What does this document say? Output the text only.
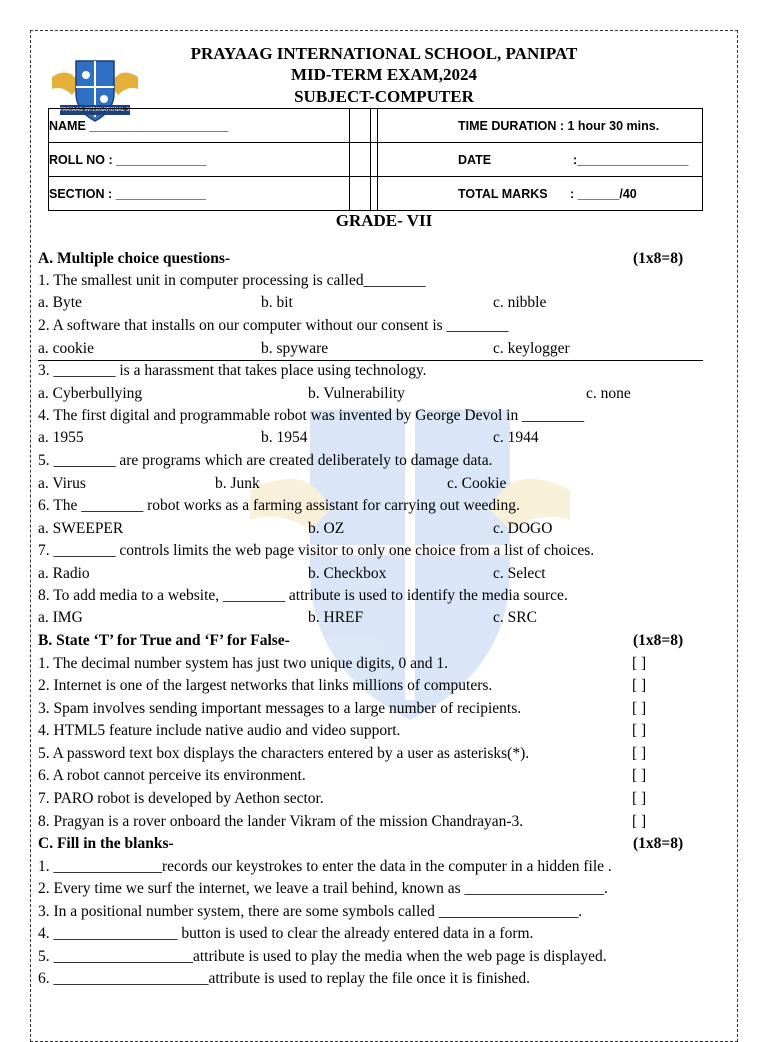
PRAYAAG INTERNATIONAL SCHOOL
PRAYAAG INTERNATIONAL SCHOOL, PANIPAT
MID-TERM EXAM,2024
SUBJECT-COMPUTER
NAME ____________________			TIME DURATION : 1 hour 30 mins.
ROLL NO : _____________			DATE :________________
SECTION : _____________			TOTAL MARKS : ______/40
GRADE- VII
A. Multiple choice questions-	(1x8=8)
1. The smallest unit in computer processing is called________
a. Byte	b. bit	c. nibble
2. A software that installs on our computer without our consent is ________
a. cookie	b. spyware	c. keylogger
3. ________ is a harassment that takes place using technology.
a. Cyberbullying	b. Vulnerability	c. none
4. The first digital and programmable robot was invented by George Devol in ________
a. 1955	b. 1954	c. 1944
5. ________ are programs which are created deliberately to damage data.
a. Virus	b. Junk	c. Cookie
6. The ________ robot works as a farming assistant for carrying out weeding.
a. SWEEPER	b. OZ	c. DOGO
7. ________ controls limits the web page visitor to only one choice from a list of choices.
a. Radio	b. Checkbox	c. Select
8. To add media to a website, ________ attribute is used to identify the media source.
a. IMG	b. HREF	c. SRC
B. State ‘T’ for True and ‘F’ for False-	(1x8=8)
1. The decimal number system has just two unique digits, 0 and 1.	[ ]
2. Internet is one of the largest networks that links millions of computers.	[ ]
3. Spam involves sending important messages to a large number of recipients.	[ ]
4. HTML5 feature include native audio and video support.	[ ]
5. A password text box displays the characters entered by a user as asterisks(*).	[ ]
6. A robot cannot perceive its environment.	[ ]
7. PARO robot is developed by Aethon sector.	[ ]
8. Pragyan is a rover onboard the lander Vikram of the mission Chandrayan-3.	[ ]
C. Fill in the blanks-	(1x8=8)
1. ______________records our keystrokes to enter the data in the computer in a hidden file .
2. Every time we surf the internet, we leave a trail behind, known as __________________.
3. In a positional number system, there are some symbols called __________________.
4. ________________ button is used to clear the already entered data in a form.
5. __________________attribute is used to play the media when the web page is displayed.
6. ____________________attribute is used to replay the file once it is finished.
